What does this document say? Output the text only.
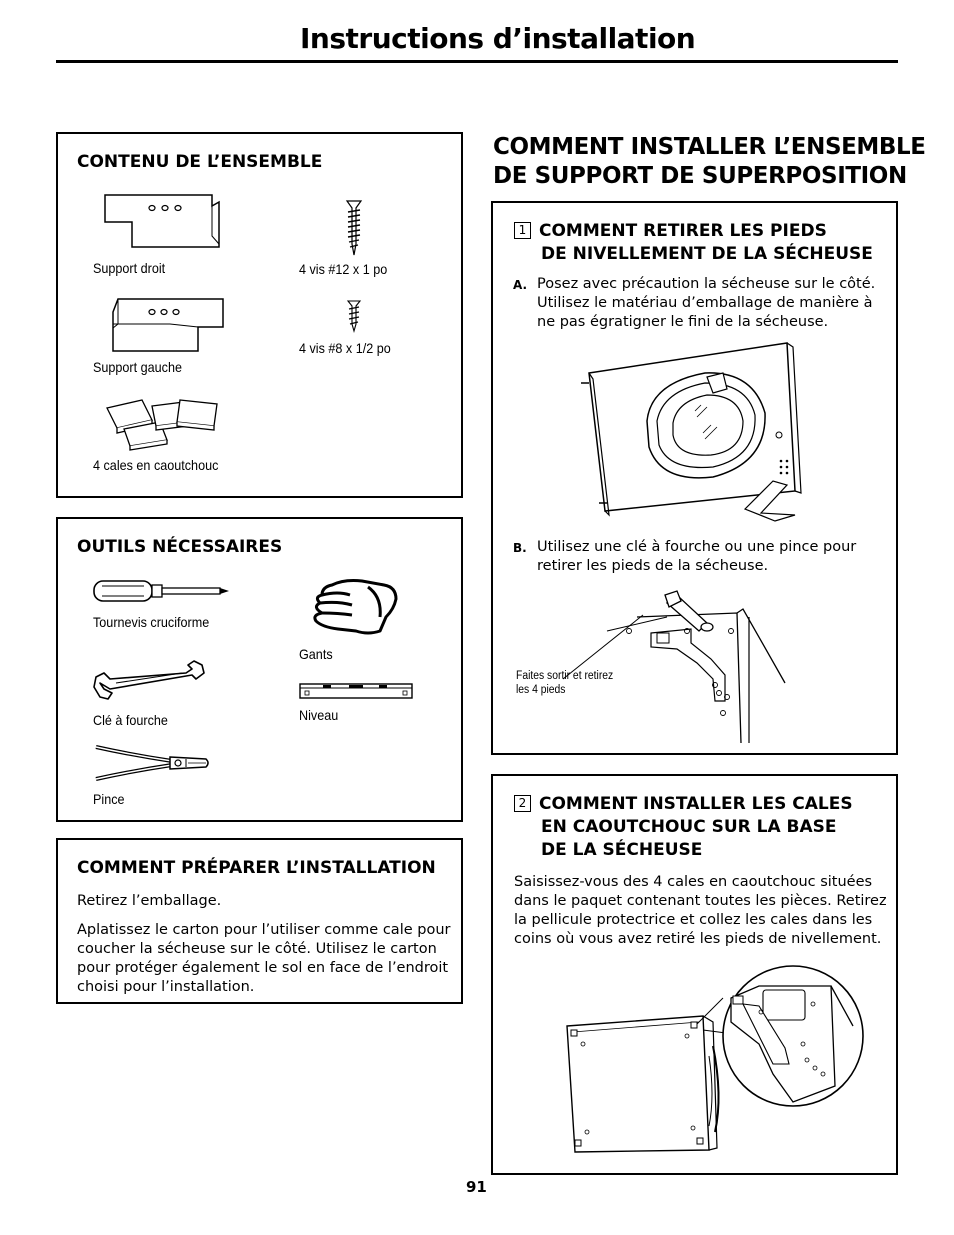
Instructions d’installation
CONTENU DE L’ENSEMBLE
Support droit
Support gauche
4 cales en caoutchouc
4 vis #12 x 1 po
4 vis #8 x 1/2 po
OUTILS NÉCESSAIRES
Tournevis cruciforme
Clé à fourche
Pince
Gants
Niveau
COMMENT PRÉPARER L’INSTALLATION
Retirez l’emballage.
Aplatissez le carton pour l’utiliser comme cale pour coucher la sécheuse sur le côté. Utilisez le carton pour protéger également le sol en face de l’endroit choisi pour l’installation.
COMMENT INSTALLER L’ENSEMBLE
DE SUPPORT DE SUPERPOSITION
1 COMMENT RETIRER LES PIEDS
DE NIVELLEMENT DE LA SÉCHEUSE
A. Posez avec précaution la sécheuse sur le côté. Utilisez le matériau d’emballage de manière à ne pas égratigner le fini de la sécheuse.
B. Utilisez une clé à fourche ou une pince pour retirer les pieds de la sécheuse.
Faites sortir et retirez
les 4 pieds
2 COMMENT INSTALLER LES CALES
EN CAOUTCHOUC SUR LA BASE
DE LA SÉCHEUSE
Saisissez-vous des 4 cales en caoutchouc situées dans le paquet contenant toutes les pièces. Retirez la pellicule protectrice et collez les cales dans les coins où vous avez retiré les pieds de nivellement.
91
